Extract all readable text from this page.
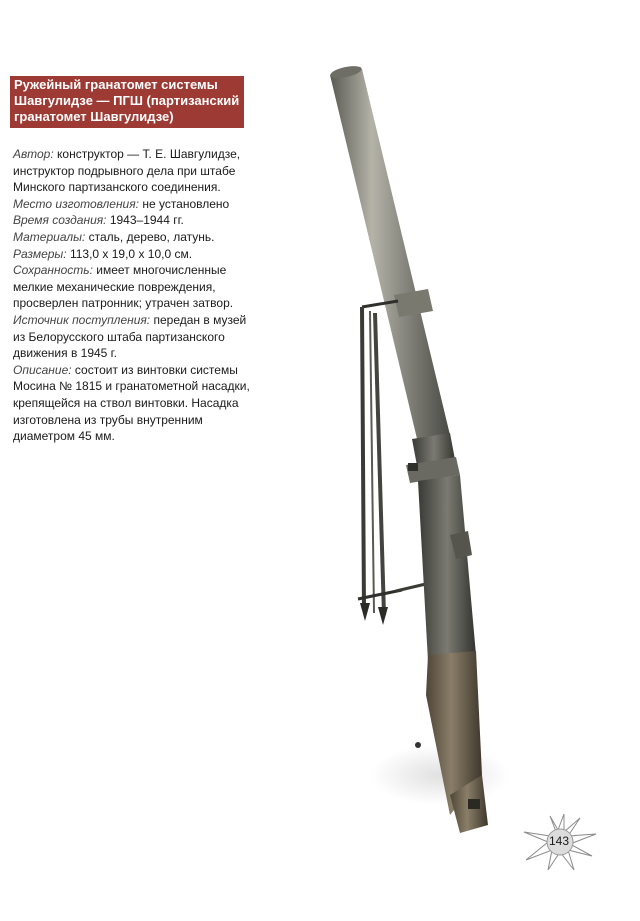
Ружейный гранатомет системы
Шавгулидзе — ПГШ (партизанский
гранатомет Шавгулидзе)

Автор: конструктор — Т. Е. Шавгулидзе,
инструктор подрывного дела при штабе
Минского партизанского соединения.

Место изготовления: не установлено

Время создания: 1943–1944 гг.

Материалы: сталь, дерево, латунь.

Размеры: 113,0 х 19,0 х 10,0 см.

Сохранность: имеет многочисленные
мелкие механические повреждения,
просверлен патронник; утрачен затвор.

Источник поступления: передан в музей
из Белорусского штаба партизанского
движения в 1945 г.

Описание: состоит из винтовки системы
Мосина № 1815 и гранатометной насадки,
крепящейся на ствол винтовки. Насадка
изготовлена из трубы внутренним
диаметром 45 мм.

143
